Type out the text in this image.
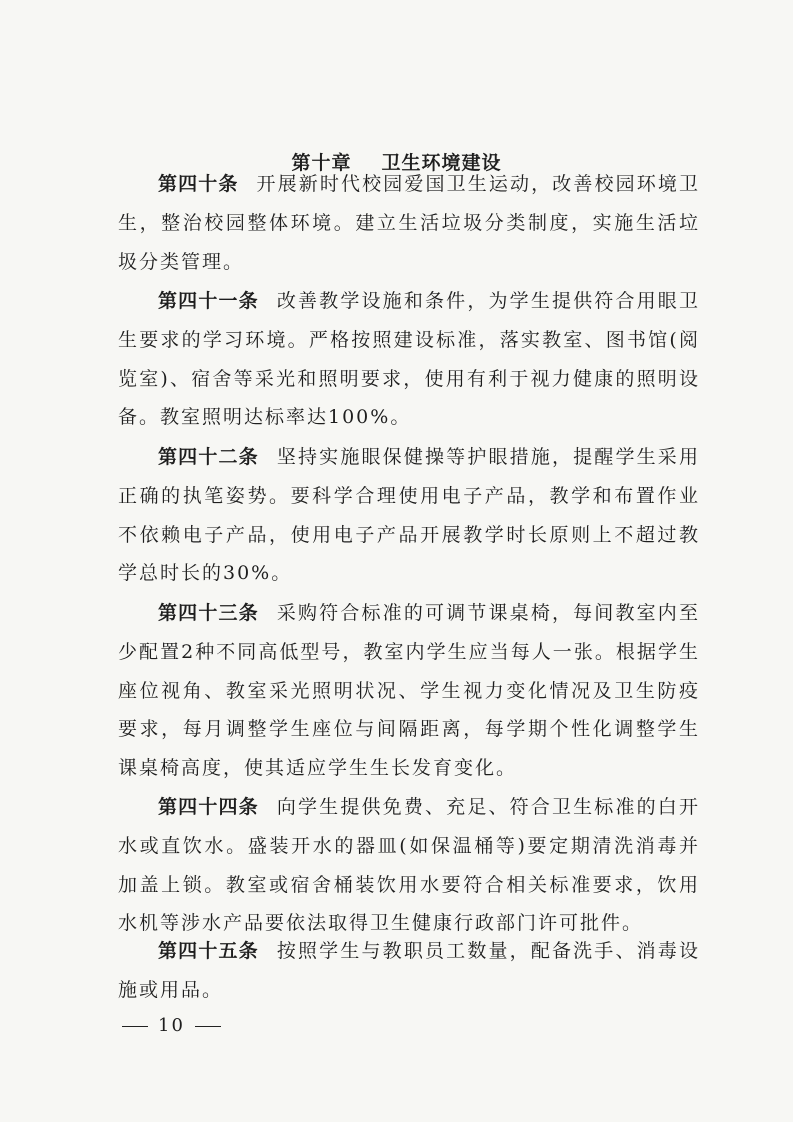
第十章 卫生环境建设

第四十条 开展新时代校园爱国卫生运动，改善校园环境卫生，整治校园整体环境。建立生活垃圾分类制度，实施生活垃圾分类管理。

第四十一条 改善教学设施和条件，为学生提供符合用眼卫生要求的学习环境。严格按照建设标准，落实教室、图书馆(阅览室)、宿舍等采光和照明要求，使用有利于视力健康的照明设备。教室照明达标率达100%。

第四十二条 坚持实施眼保健操等护眼措施，提醒学生采用正确的执笔姿势。要科学合理使用电子产品，教学和布置作业不依赖电子产品，使用电子产品开展教学时长原则上不超过教学总时长的30%。

第四十三条 采购符合标准的可调节课桌椅，每间教室内至少配置2种不同高低型号，教室内学生应当每人一张。根据学生座位视角、教室采光照明状况、学生视力变化情况及卫生防疫要求，每月调整学生座位与间隔距离，每学期个性化调整学生课桌椅高度，使其适应学生生长发育变化。

第四十四条 向学生提供免费、充足、符合卫生标准的白开水或直饮水。盛装开水的器皿(如保温桶等)要定期清洗消毒并加盖上锁。教室或宿舍桶装饮用水要符合相关标准要求，饮用水机等涉水产品要依法取得卫生健康行政部门许可批件。

第四十五条 按照学生与教职员工数量，配备洗手、消毒设施或用品。

10
